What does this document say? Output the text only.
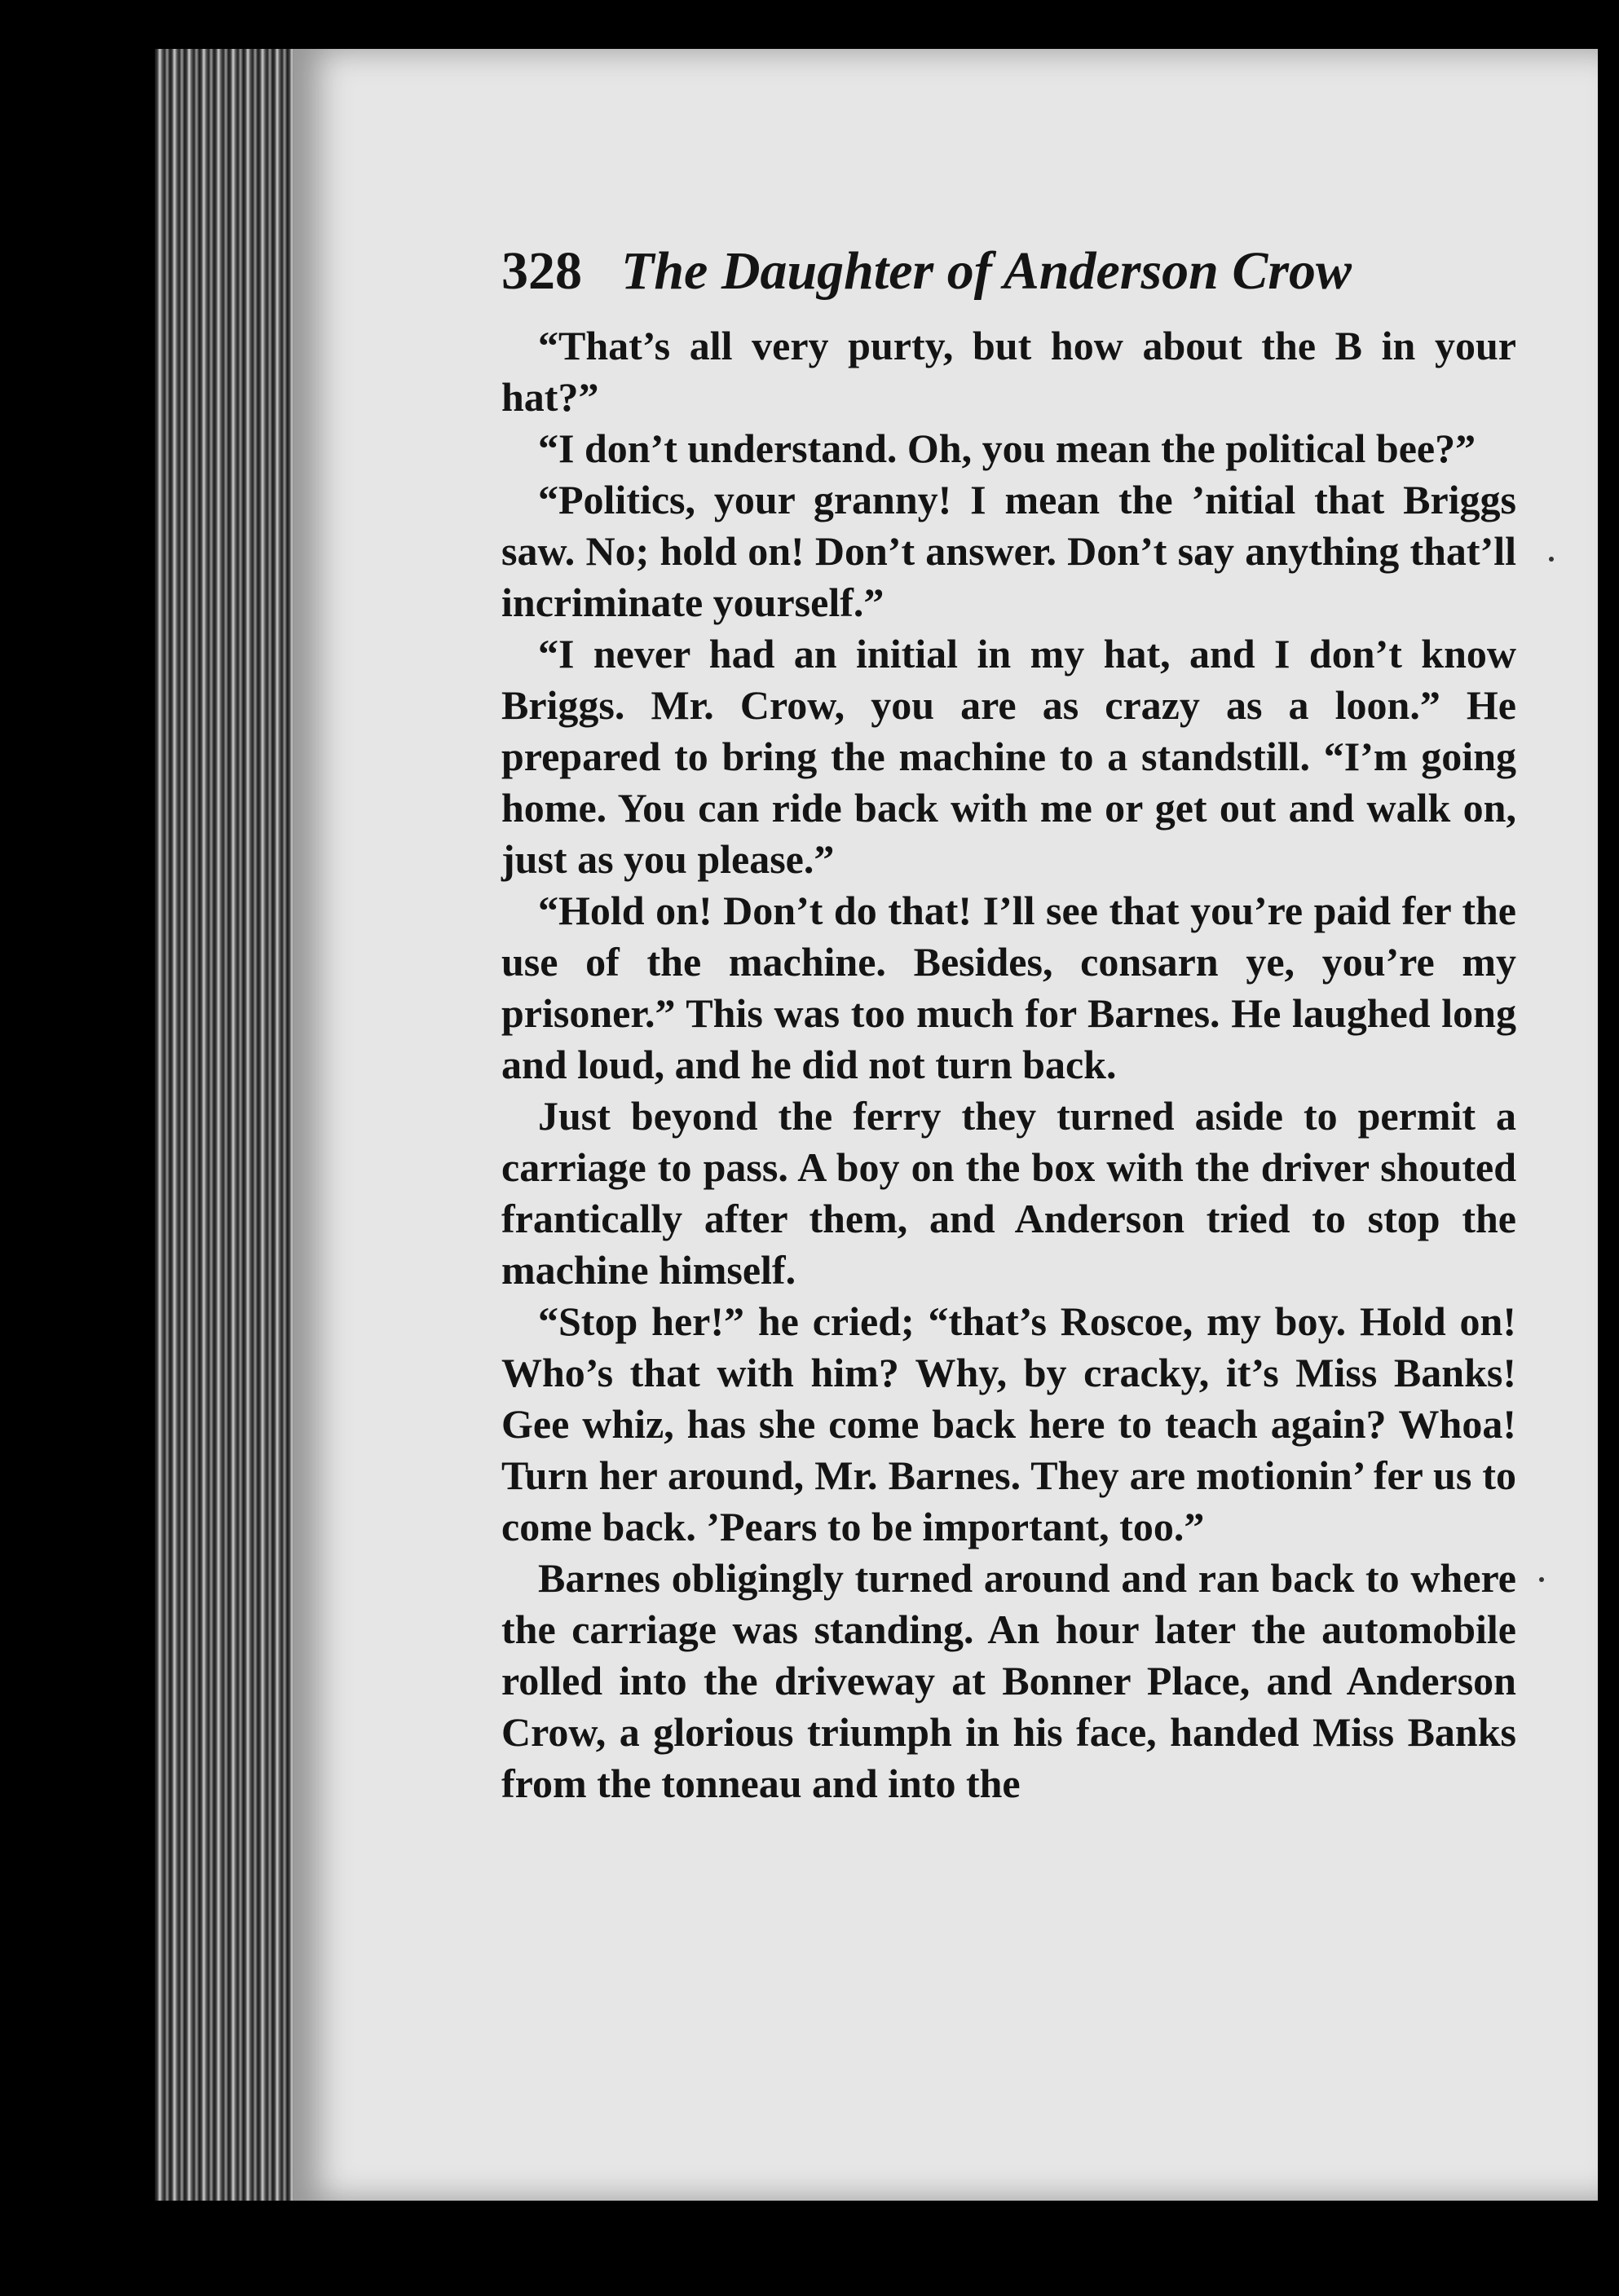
328 The Daughter of Anderson Crow

“That’s all very purty, but how about the B in your hat?”

“I don’t understand. Oh, you mean the political bee?”

“Politics, your granny! I mean the ’nitial that Briggs saw. No; hold on! Don’t answer. Don’t say anything that’ll incriminate yourself.”

“I never had an initial in my hat, and I don’t know Briggs. Mr. Crow, you are as crazy as a loon.” He prepared to bring the machine to a standstill. “I’m going home. You can ride back with me or get out and walk on, just as you please.”

“Hold on! Don’t do that! I’ll see that you’re paid fer the use of the machine. Besides, consarn ye, you’re my prisoner.” This was too much for Barnes. He laughed long and loud, and he did not turn back.

Just beyond the ferry they turned aside to permit a carriage to pass. A boy on the box with the driver shouted frantically after them, and Anderson tried to stop the machine himself.

“Stop her!” he cried; “that’s Roscoe, my boy. Hold on! Who’s that with him? Why, by cracky, it’s Miss Banks! Gee whiz, has she come back here to teach again? Whoa! Turn her around, Mr. Barnes. They are motionin’ fer us to come back. ’Pears to be important, too.”

Barnes obligingly turned around and ran back to where the carriage was standing. An hour later the automobile rolled into the driveway at Bonner Place, and Anderson Crow, a glorious triumph in his face, handed Miss Banks from the tonneau and into the
